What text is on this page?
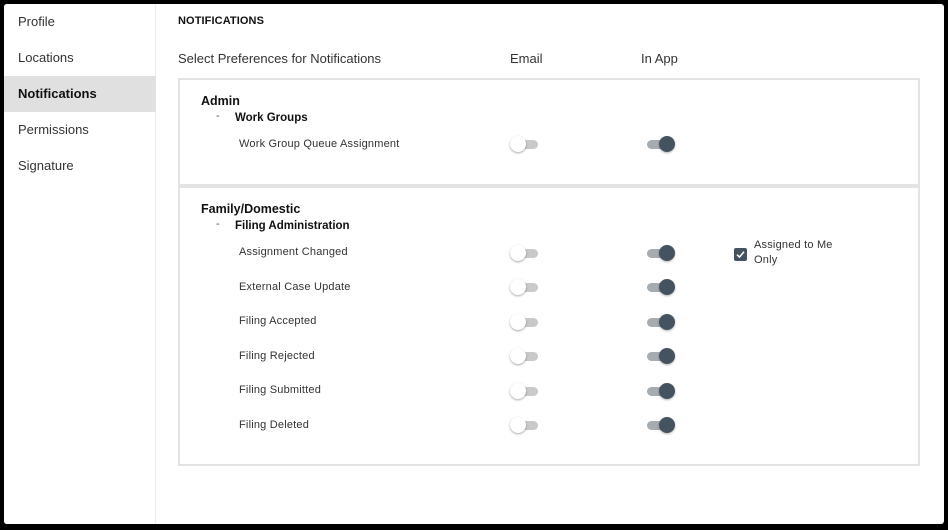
Profile
Locations
Notifications
Permissions
Signature
NOTIFICATIONS
Select Preferences for Notifications	Email	In App
Admin
- Work Groups
Work Group Queue Assignment
Family/Domestic
- Filing Administration
Assignment Changed
Assigned to Me Only
External Case Update
Filing Accepted
Filing Rejected
Filing Submitted
Filing Deleted
